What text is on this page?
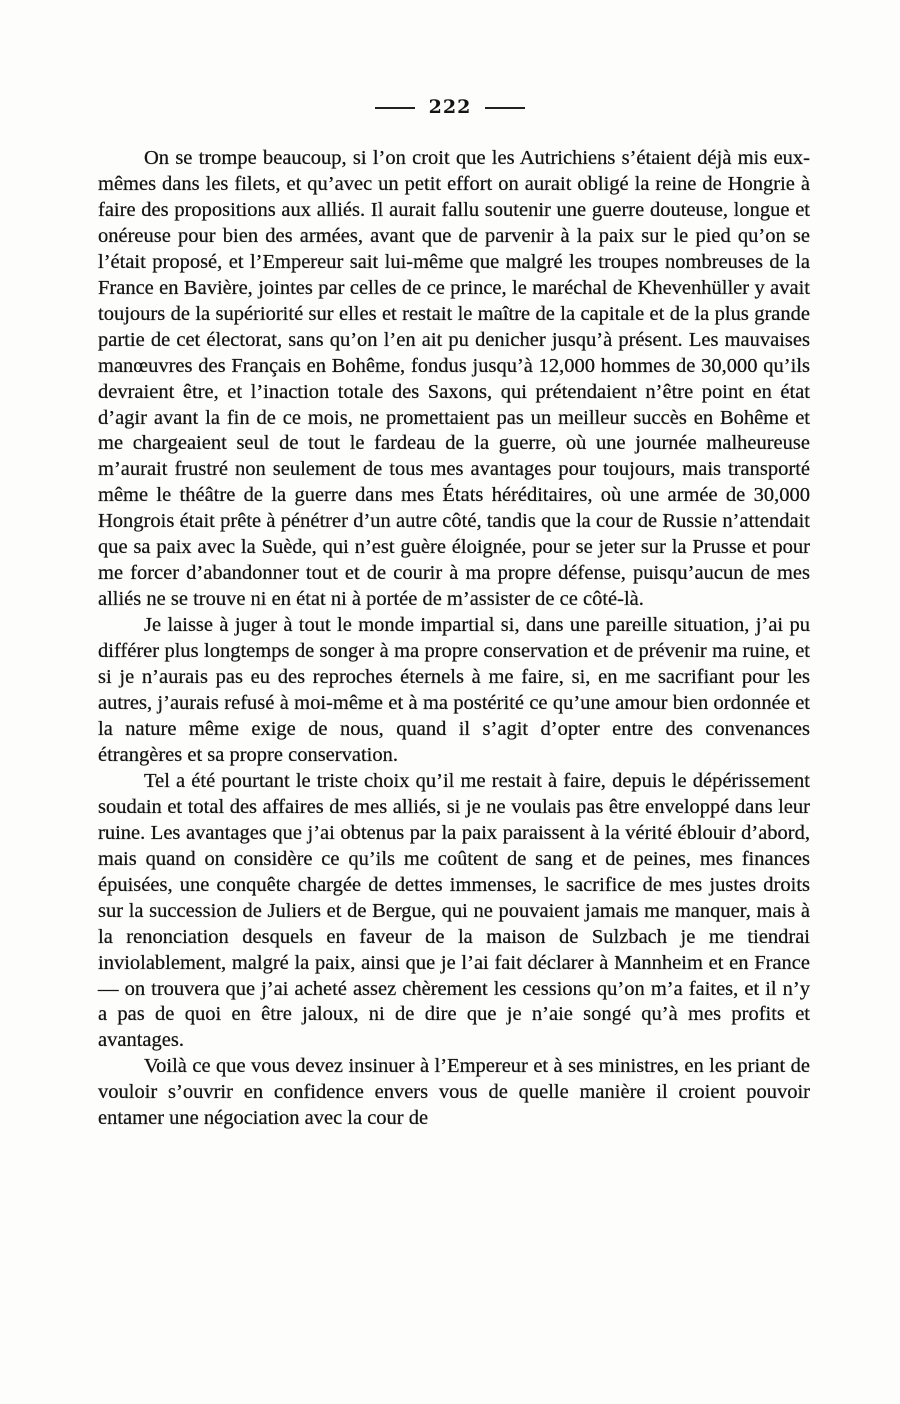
222

On se trompe beaucoup, si l’on croit que les Autrichiens s’étaient déjà mis eux-mêmes dans les filets, et qu’avec un petit effort on aurait obligé la reine de Hongrie à faire des propositions aux alliés. Il aurait fallu soutenir une guerre douteuse, longue et onéreuse pour bien des armées, avant que de parvenir à la paix sur le pied qu’on se l’était proposé, et l’Empereur sait lui-même que malgré les troupes nombreuses de la France en Bavière, jointes par celles de ce prince, le maréchal de Khevenhüller y avait toujours de la supériorité sur elles et restait le maître de la capitale et de la plus grande partie de cet électorat, sans qu’on l’en ait pu denicher jusqu’à présent. Les mauvaises manœuvres des Français en Bohême, fondus jusqu’à 12,000 hommes de 30,000 qu’ils devraient être, et l’inaction totale des Saxons, qui prétendaient n’être point en état d’agir avant la fin de ce mois, ne promettaient pas un meilleur succès en Bohême et me chargeaient seul de tout le fardeau de la guerre, où une journée malheureuse m’aurait frustré non seulement de tous mes avantages pour toujours, mais transporté même le théâtre de la guerre dans mes États héréditaires, où une armée de 30,000 Hongrois était prête à pénétrer d’un autre côté, tandis que la cour de Russie n’attendait que sa paix avec la Suède, qui n’est guère éloignée, pour se jeter sur la Prusse et pour me forcer d’abandonner tout et de courir à ma propre défense, puisqu’aucun de mes alliés ne se trouve ni en état ni à portée de m’assister de ce côté-là.

Je laisse à juger à tout le monde impartial si, dans une pareille situation, j’ai pu différer plus longtemps de songer à ma propre conservation et de prévenir ma ruine, et si je n’aurais pas eu des reproches éternels à me faire, si, en me sacrifiant pour les autres, j’aurais refusé à moi-même et à ma postérité ce qu’une amour bien ordonnée et la nature même exige de nous, quand il s’agit d’opter entre des convenances étrangères et sa propre conservation.

Tel a été pourtant le triste choix qu’il me restait à faire, depuis le dépérissement soudain et total des affaires de mes alliés, si je ne voulais pas être enveloppé dans leur ruine. Les avantages que j’ai obtenus par la paix paraissent à la vérité éblouir d’abord, mais quand on considère ce qu’ils me coûtent de sang et de peines, mes finances épuisées, une conquête chargée de dettes immenses, le sacrifice de mes justes droits sur la succession de Juliers et de Bergue, qui ne pouvaient jamais me manquer, mais à la renonciation desquels en faveur de la maison de Sulzbach je me tiendrai inviolablement, malgré la paix, ainsi que je l’ai fait déclarer à Mannheim et en France — on trouvera que j’ai acheté assez chèrement les cessions qu’on m’a faites, et il n’y a pas de quoi en être jaloux, ni de dire que je n’aie songé qu’à mes profits et avantages.

Voilà ce que vous devez insinuer à l’Empereur et à ses ministres, en les priant de vouloir s’ouvrir en confidence envers vous de quelle manière il croient pouvoir entamer une négociation avec la cour de
